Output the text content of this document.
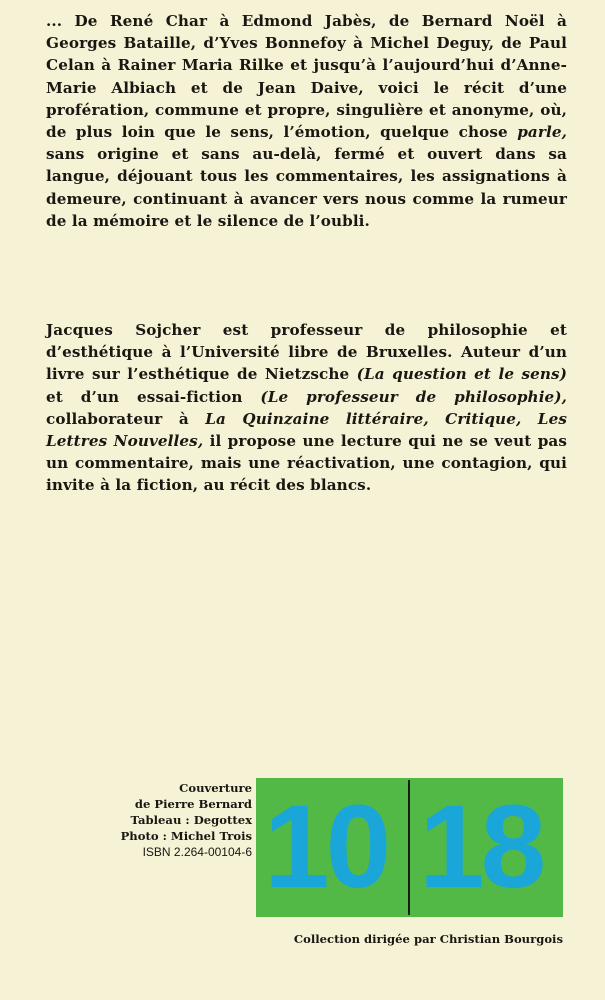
... De René Char à Edmond Jabès, de Bernard Noël à Georges Bataille, d’Yves Bonnefoy à Michel Deguy, de Paul Celan à Rainer Maria Rilke et jusqu’à l’aujourd’hui d’Anne-Marie Albiach et de Jean Daive, voici le récit d’une profération, commune et propre, singulière et anonyme, où, de plus loin que le sens, l’émotion, quelque chose parle, sans origine et sans au-delà, fermé et ouvert dans sa langue, déjouant tous les commentaires, les assignations à demeure, continuant à avancer vers nous comme la rumeur de la mémoire et le silence de l’oubli.

Jacques Sojcher est professeur de philosophie et d’esthétique à l’Université libre de Bruxelles. Auteur d’un livre sur l’esthétique de Nietzsche (La question et le sens) et d’un essai-fiction (Le professeur de philosophie), collaborateur à La Quinzaine littéraire, Critique, Les Lettres Nouvelles, il propose une lecture qui ne se veut pas un commentaire, mais une réactivation, une contagion, qui invite à la fiction, au récit des blancs.

Couverture
de Pierre Bernard
Tableau : Degottex
Photo : Michel Trois
ISBN 2.264-00104-6 10 18
Collection dirigée par Christian Bourgois
